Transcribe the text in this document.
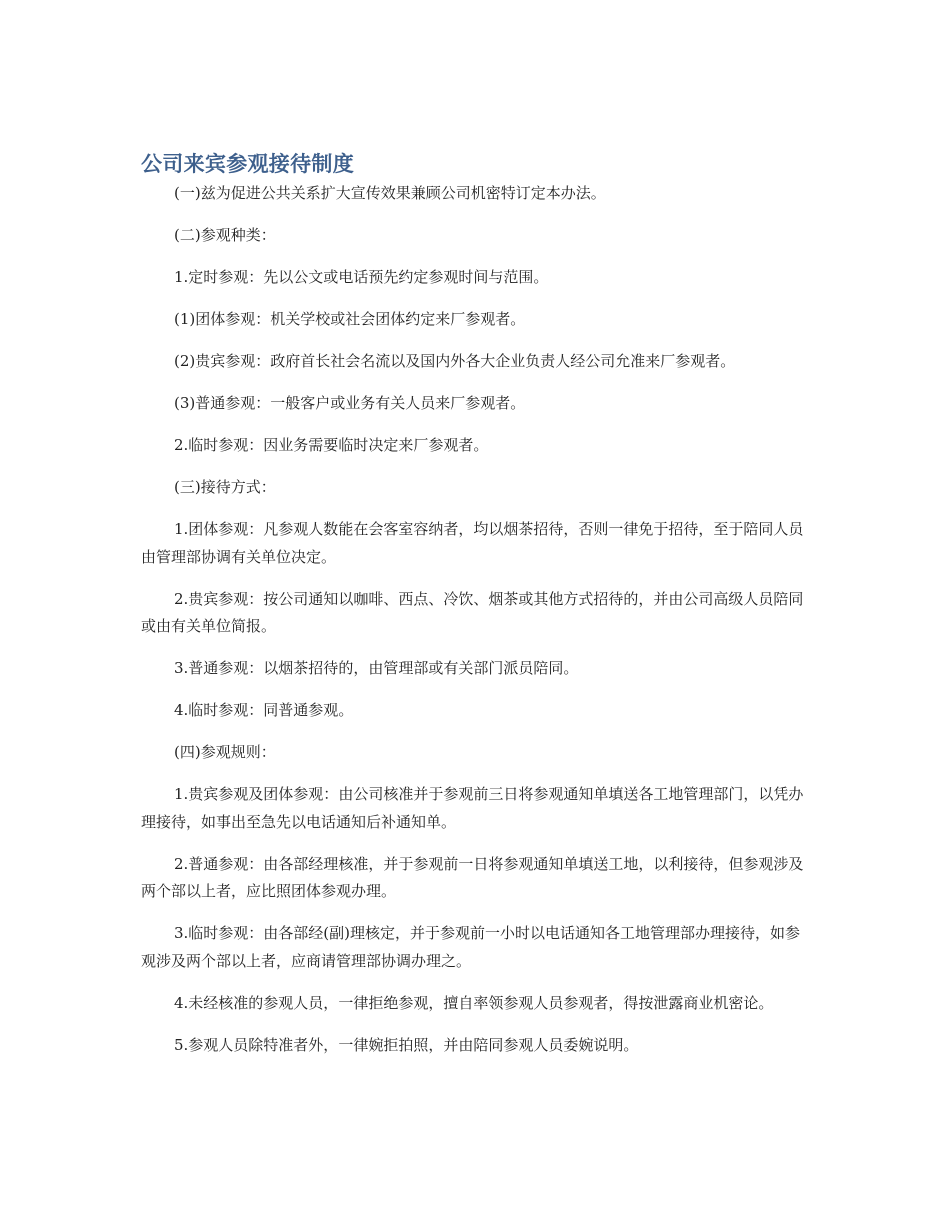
公司来宾参观接待制度

(一)兹为促进公共关系扩大宣传效果兼顾公司机密特订定本办法。

(二)参观种类：

1.定时参观：先以公文或电话预先约定参观时间与范围。

(1)团体参观：机关学校或社会团体约定来厂参观者。

(2)贵宾参观：政府首长社会名流以及国内外各大企业负责人经公司允准来厂参观者。

(3)普通参观：一般客户或业务有关人员来厂参观者。

2.临时参观：因业务需要临时决定来厂参观者。

(三)接待方式：

1.团体参观：凡参观人数能在会客室容纳者，均以烟茶招待，否则一律免于招待，至于陪同人员由管理部协调有关单位决定。

2.贵宾参观：按公司通知以咖啡、西点、冷饮、烟茶或其他方式招待的，并由公司高级人员陪同或由有关单位简报。

3.普通参观：以烟茶招待的，由管理部或有关部门派员陪同。

4.临时参观：同普通参观。

(四)参观规则：

1.贵宾参观及团体参观：由公司核准并于参观前三日将参观通知单填送各工地管理部门，以凭办理接待，如事出至急先以电话通知后补通知单。

2.普通参观：由各部经理核准，并于参观前一日将参观通知单填送工地，以利接待，但参观涉及两个部以上者，应比照团体参观办理。

3.临时参观：由各部经(副)理核定，并于参观前一小时以电话通知各工地管理部办理接待，如参观涉及两个部以上者，应商请管理部协调办理之。

4.未经核准的参观人员，一律拒绝参观，擅自率领参观人员参观者，得按泄露商业机密论。

5.参观人员除特准者外，一律婉拒拍照，并由陪同参观人员委婉说明。
